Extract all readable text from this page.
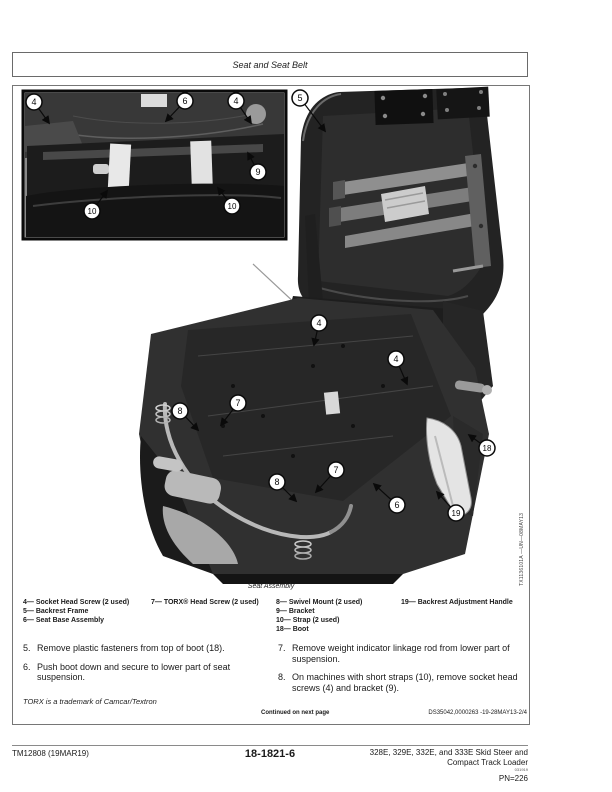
Seat and Seat Belt
4	6	4
9
10
10
5
4
4
8
7
8
7
18
6
19	TX1136101A —UN—08MAY13
Seat Assembly
4— Socket Head Screw (2 used)
5— Backrest Frame
6— Seat Base Assembly
7— TORX® Head Screw (2 used) 8— Swivel Mount (2 used)
9— Bracket
10— Strap (2 used)
18— Boot
19— Backrest Adjustment Handle
5. Remove plastic fasteners from top of boot (18).
6. Push boot down and secure to lower part of seat suspension.
7. Remove weight indicator linkage rod from lower part of suspension.
8. On machines with short straps (10), remove socket head screws (4) and bracket (9).
TORX is a trademark of Camcar/Textron
Continued on next page	DS35042,0000263 -19-28MAY13-2/4
TM12808 (19MAR19)	18-1821-6	328E, 329E, 332E, and 333E Skid Steer and
Compact Track Loader
031919
PN=226
